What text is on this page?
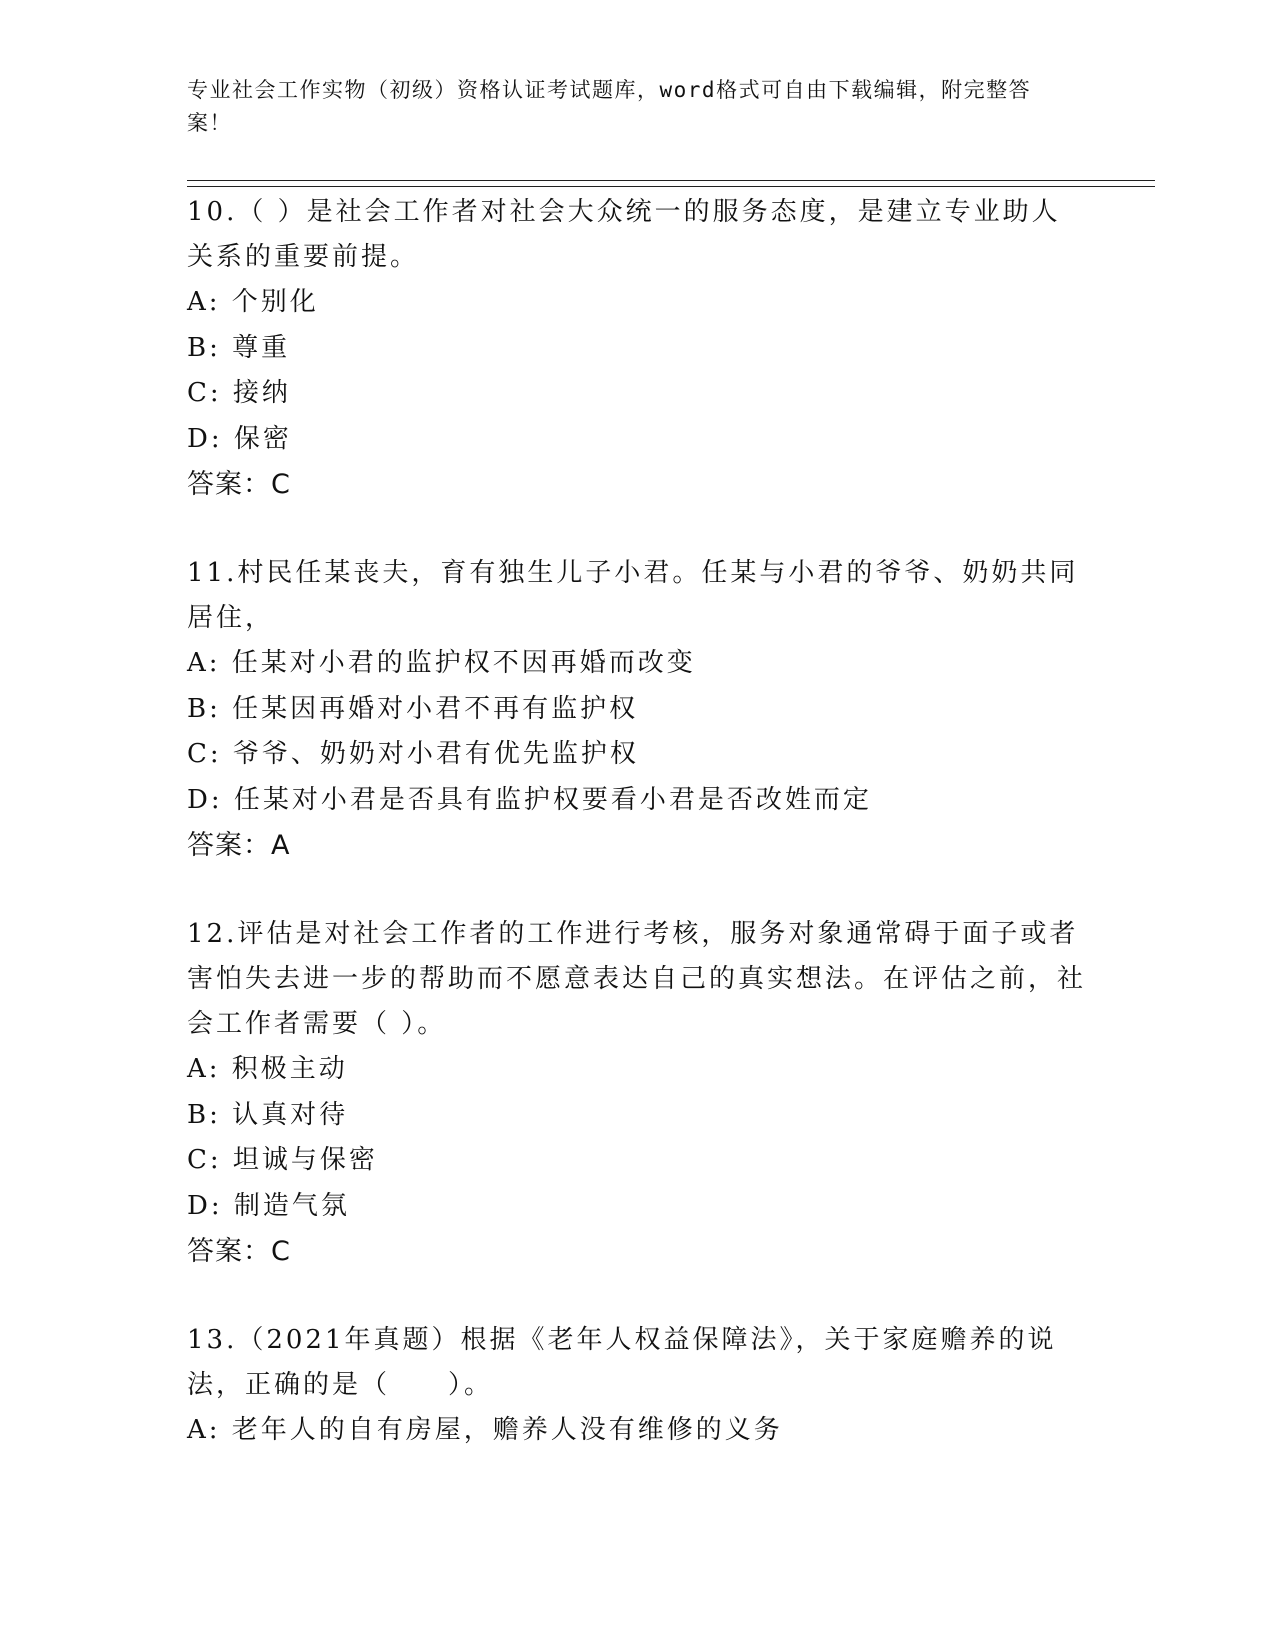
专业社会工作实物（初级）资格认证考试题库，word格式可自由下载编辑，附完整答案！

10.（ ）是社会工作者对社会大众统一的服务态度，是建立专业助人关系的重要前提。

A: 个别化

B: 尊重

C: 接纳

D: 保密

答案：C

11.村民任某丧夫，育有独生儿子小君。任某与小君的爷爷、奶奶共同居住，

A: 任某对小君的监护权不因再婚而改变

B: 任某因再婚对小君不再有监护权

C: 爷爷、奶奶对小君有优先监护权

D: 任某对小君是否具有监护权要看小君是否改姓而定

答案：A

12.评估是对社会工作者的工作进行考核，服务对象通常碍于面子或者害怕失去进一步的帮助而不愿意表达自己的真实想法。在评估之前，社会工作者需要（ ）。

A: 积极主动

B: 认真对待

C: 坦诚与保密

D: 制造气氛

答案：C

13.（2021年真题）根据《老年人权益保障法》，关于家庭赡养的说法，正确的是（　　）。

A: 老年人的自有房屋，赡养人没有维修的义务
